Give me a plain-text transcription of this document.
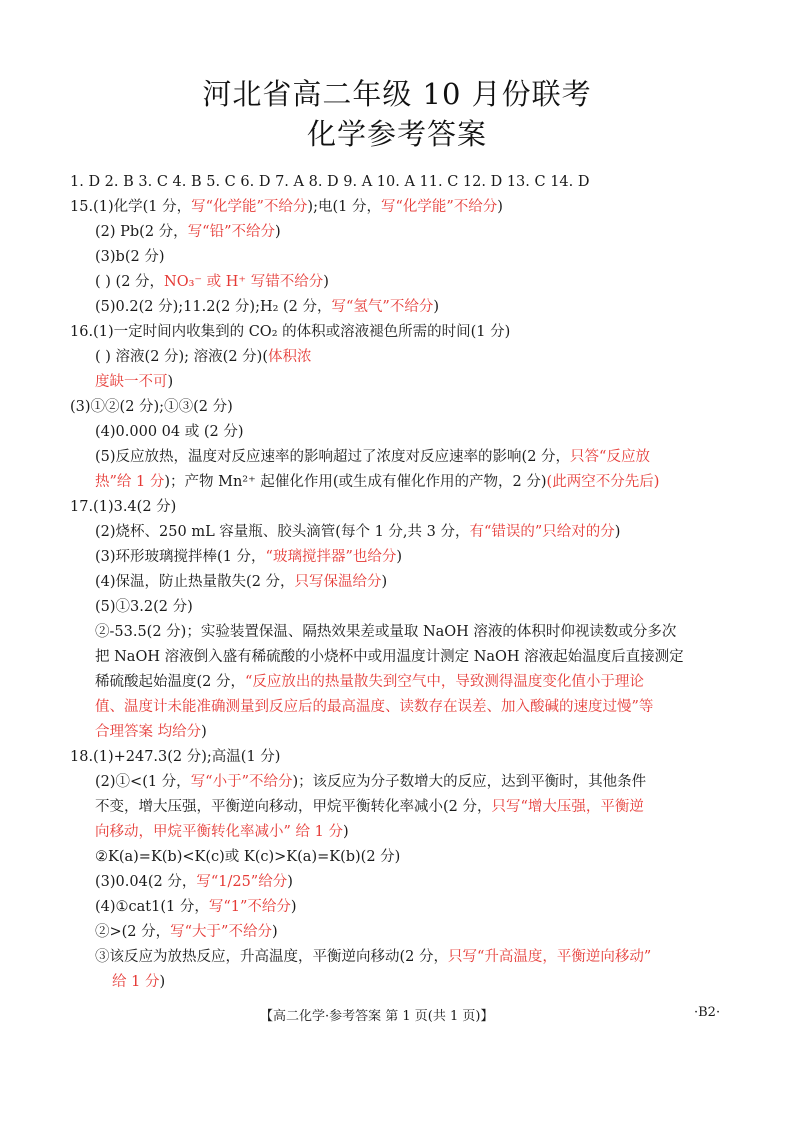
河北省高二年级 10 月份联考
化学参考答案
1. D 2. B 3. C 4. B 5. C 6. D 7. A 8. D 9. A 10. A 11. C 12. D 13. C 14. D
15.(1)化学(1 分，写“化学能”不给分);电(1 分，写“化学能”不给分)
(2) Pb(2 分，写“铅”不给分)
(3)b(2 分)
( ) (2 分，NO₃⁻ 或 H⁺ 写错不给分)
(5)0.2(2 分);11.2(2 分);H₂ (2 分，写“氢气”不给分)
16.(1)一定时间内收集到的 CO₂ 的体积或溶液褪色所需的时间(1 分)
( ) 溶液(2 分); 溶液(2 分)(体积浓
度缺一不可)
(3)①②(2 分);①③(2 分)
(4)0.000 04 或 (2 分)
(5)反应放热，温度对反应速率的影响超过了浓度对反应速率的影响(2 分，只答“反应放
热”给 1 分)；产物 Mn²⁺ 起催化作用(或生成有催化作用的产物，2 分)(此两空不分先后)
17.(1)3.4(2 分)
(2)烧杯、250 mL 容量瓶、胶头滴管(每个 1 分,共 3 分，有“错误的”只给对的分)
(3)环形玻璃搅拌棒(1 分，“玻璃搅拌器”也给分)
(4)保温，防止热量散失(2 分，只写保温给分)
(5)①3.2(2 分)
②-53.5(2 分)；实验装置保温、隔热效果差或量取 NaOH 溶液的体积时仰视读数或分多次
把 NaOH 溶液倒入盛有稀硫酸的小烧杯中或用温度计测定 NaOH 溶液起始温度后直接测定
稀硫酸起始温度(2 分，“反应放出的热量散失到空气中，导致测得温度变化值小于理论
值、温度计未能准确测量到反应后的最高温度、读数存在误差、加入酸碱的速度过慢”等
合理答案 均给分)
18.(1)+247.3(2 分);高温(1 分)
(2)①<(1 分，写“小于”不给分)；该反应为分子数增大的反应，达到平衡时，其他条件
不变，增大压强，平衡逆向移动，甲烷平衡转化率减小(2 分，只写“增大压强，平衡逆
向移动，甲烷平衡转化率减小” 给 1 分)
②K(a)=K(b)<K(c)或 K(c)>K(a)=K(b)(2 分)
(3)0.04(2 分，写“1/25”给分)
(4)①cat1(1 分，写“1”不给分)
②>(2 分，写“大于”不给分)
③该反应为放热反应，升高温度，平衡逆向移动(2 分，只写“升高温度，平衡逆向移动”
给 1 分)
【高二化学·参考答案 第 1 页(共 1 页)】	·B2·
